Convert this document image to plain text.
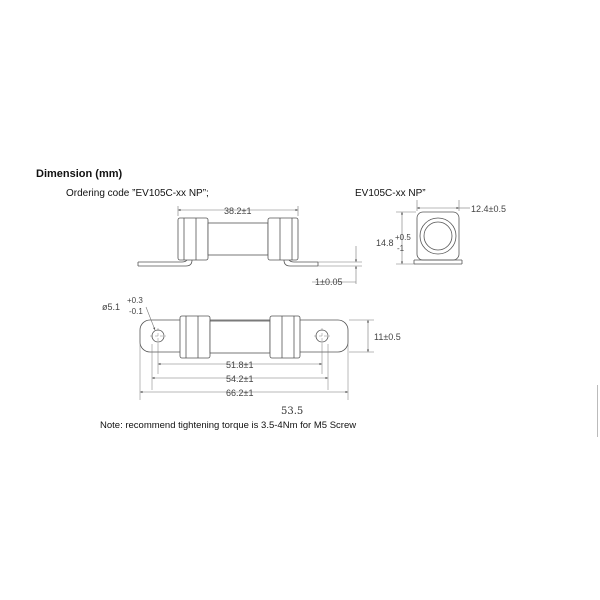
Dimension (mm)
Ordering code ”EV105C-xx NP”;	EV105C-xx NP”
Note: recommend tightening torque is 3.5-4Nm for M5 Screw
38.2±1
1±0.05
12.4±0.5
14.8
+0.5
-1
ø5.1
+0.3
-0.1
11±0.5
51.8±1
54.2±1
66.2±1
53.5
